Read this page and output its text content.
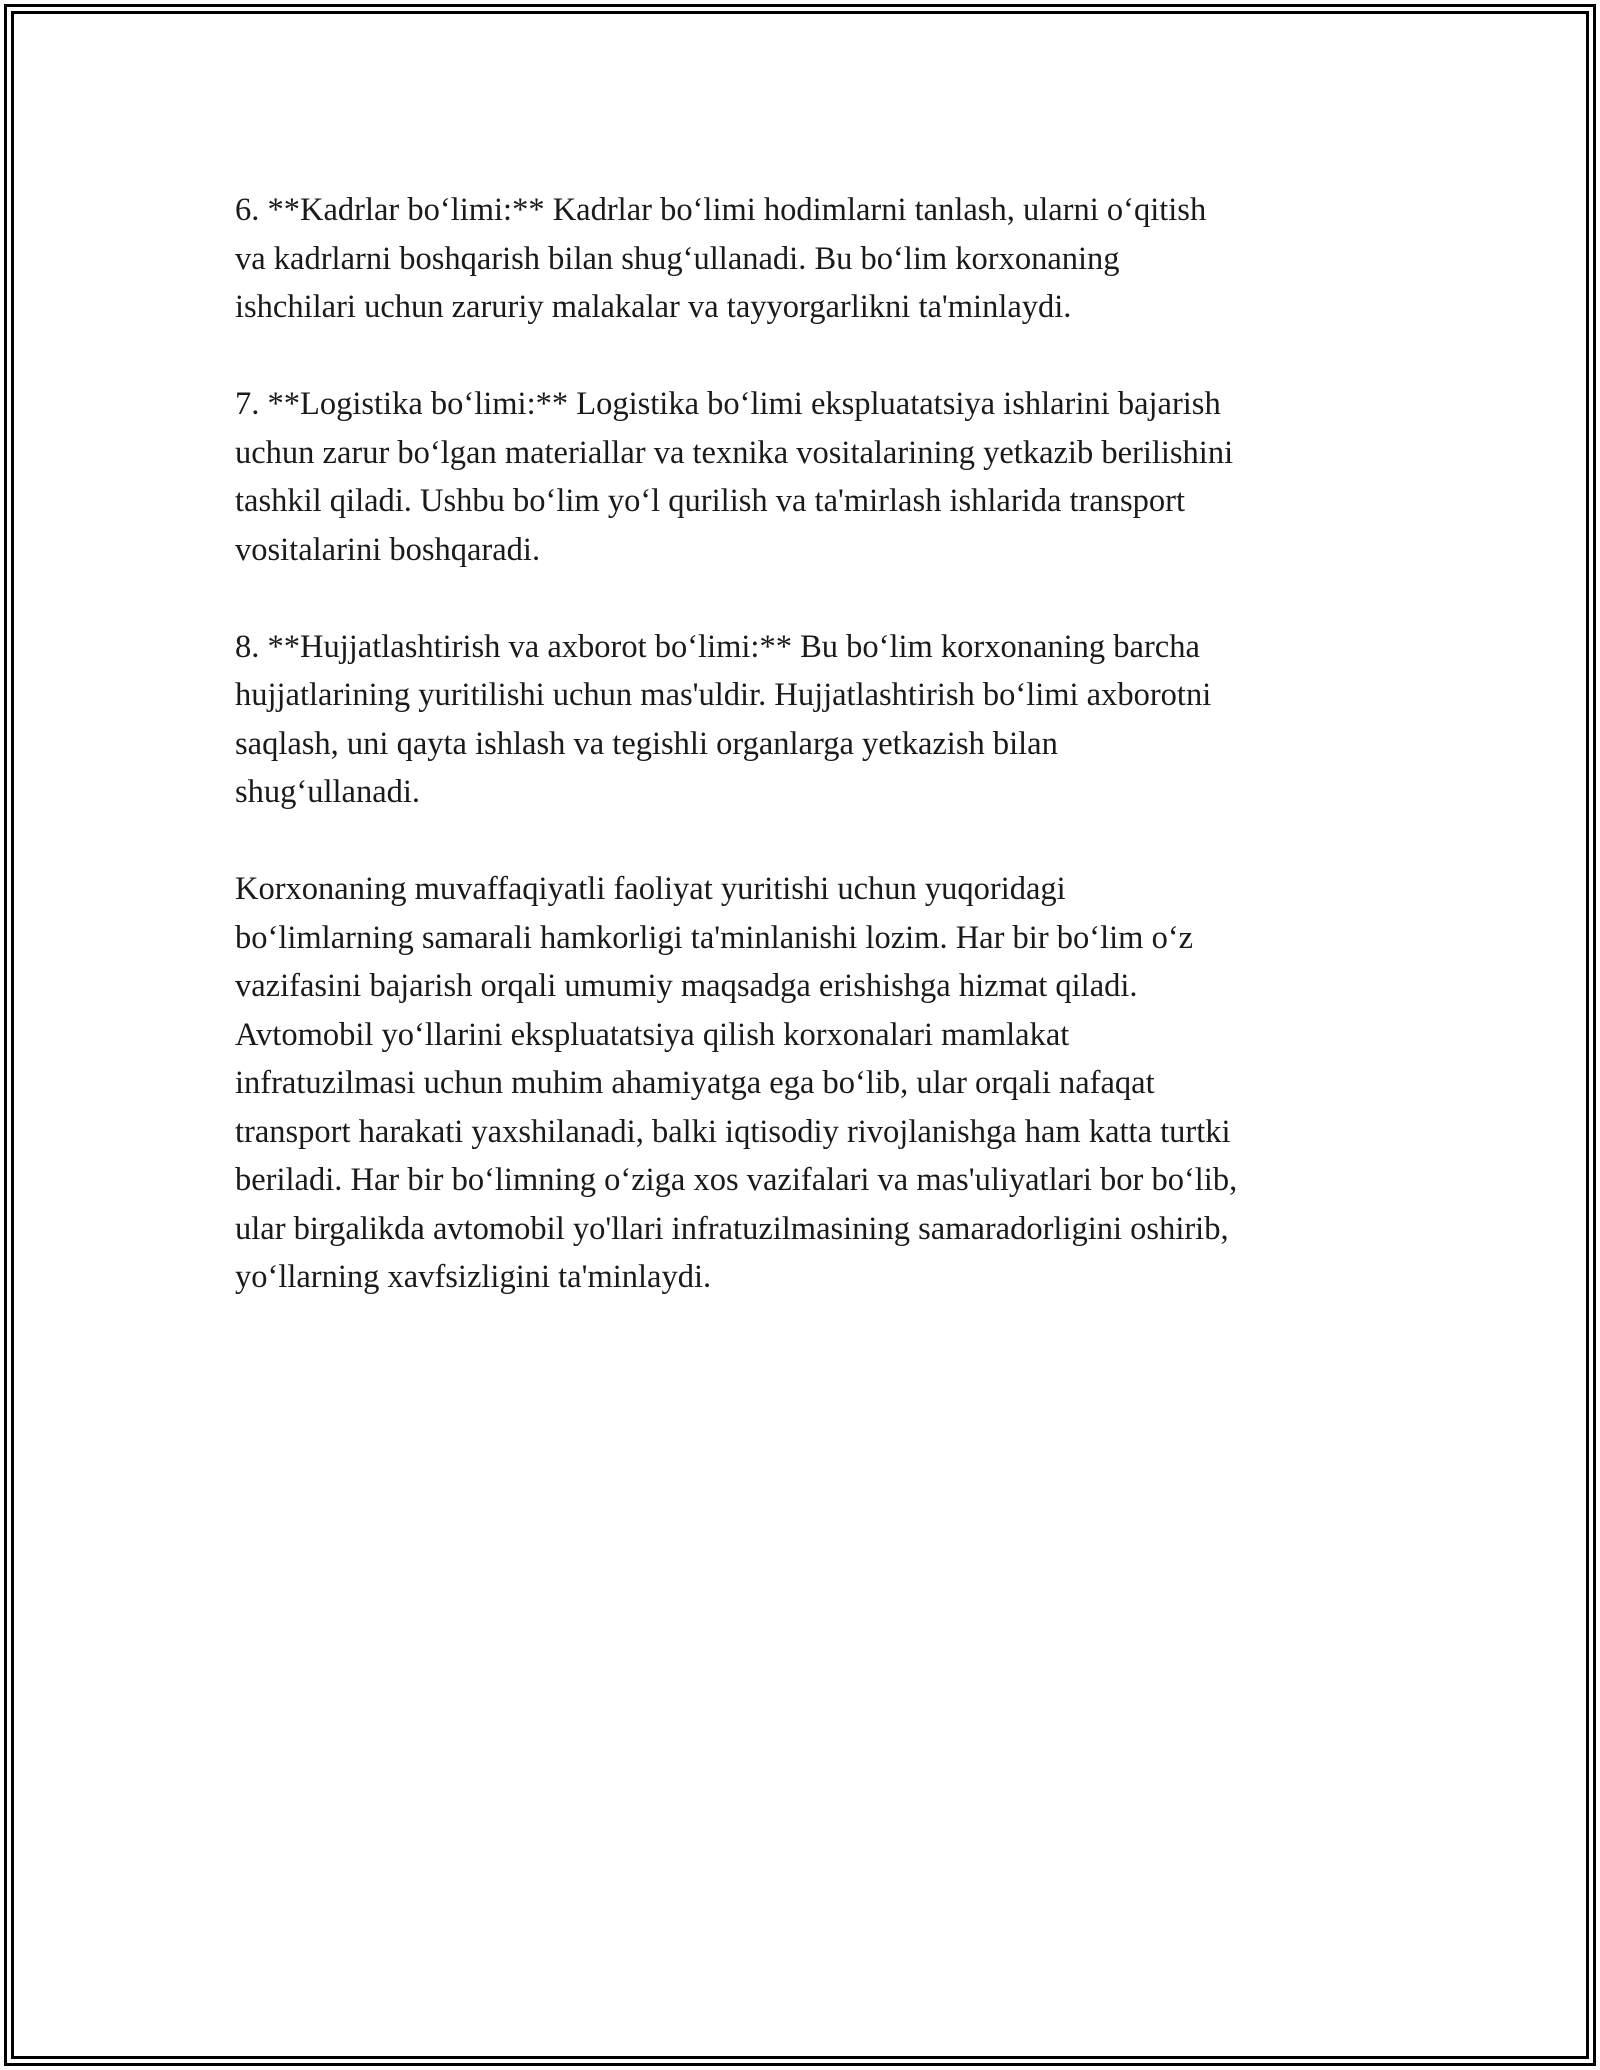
6. **Kadrlar bo‘limi:** Kadrlar bo‘limi hodimlarni tanlash, ularni o‘qitish
va kadrlarni boshqarish bilan shug‘ullanadi. Bu bo‘lim korxonaning
ishchilari uchun zaruriy malakalar va tayyorgarlikni ta'minlaydi.

7. **Logistika bo‘limi:** Logistika bo‘limi ekspluatatsiya ishlarini bajarish
uchun zarur bo‘lgan materiallar va texnika vositalarining yetkazib berilishini
tashkil qiladi. Ushbu bo‘lim yo‘l qurilish va ta'mirlash ishlarida transport
vositalarini boshqaradi.

8. **Hujjatlashtirish va axborot bo‘limi:** Bu bo‘lim korxonaning barcha
hujjatlarining yuritilishi uchun mas'uldir. Hujjatlashtirish bo‘limi axborotni
saqlash, uni qayta ishlash va tegishli organlarga yetkazish bilan
shug‘ullanadi.

Korxonaning muvaffaqiyatli faoliyat yuritishi uchun yuqoridagi
bo‘limlarning samarali hamkorligi ta'minlanishi lozim. Har bir bo‘lim o‘z
vazifasini bajarish orqali umumiy maqsadga erishishga hizmat qiladi.
Avtomobil yo‘llarini ekspluatatsiya qilish korxonalari mamlakat
infratuzilmasi uchun muhim ahamiyatga ega bo‘lib, ular orqali nafaqat
transport harakati yaxshilanadi, balki iqtisodiy rivojlanishga ham katta turtki
beriladi. Har bir bo‘limning o‘ziga xos vazifalari va mas'uliyatlari bor bo‘lib,
ular birgalikda avtomobil yo'llari infratuzilmasining samaradorligini oshirib,
yo‘llarning xavfsizligini ta'minlaydi.
